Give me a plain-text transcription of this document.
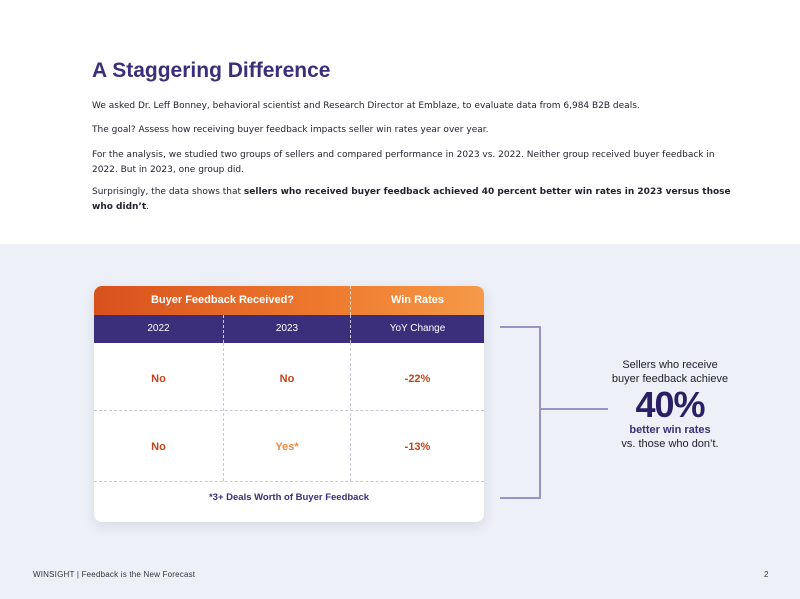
A Staggering Difference

We asked Dr. Leff Bonney, behavioral scientist and Research Director at Emblaze, to evaluate data from 6,984 B2B deals.

The goal? Assess how receiving buyer feedback impacts seller win rates year over year.

For the analysis, we studied two groups of sellers and compared performance in 2023 vs. 2022. Neither group received buyer feedback in 2022. But in 2023, one group did.

Surprisingly, the data shows that sellers who received buyer feedback achieved 40 percent better win rates in 2023 versus those who didn’t.

Buyer Feedback Received?	Win Rates
2022	2023	YoY Change
No	No	-22%
No	Yes*	-13%
*3+ Deals Worth of Buyer Feedback
Sellers who receive
buyer feedback achieve
40%
better win rates
vs. those who don’t.
WINSIGHT | Feedback is the New Forecast	2
